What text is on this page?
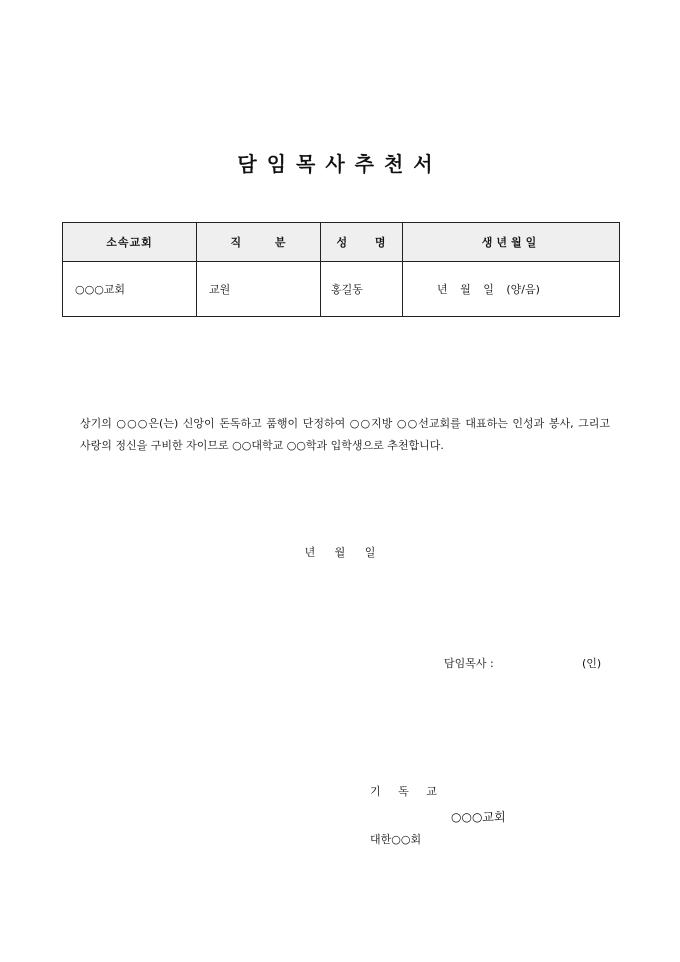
담임목사추천서
소속교회	직 분	성 명	생년월일
○○○교회	교원	홍길동	년 월 일 (양/음)
상기의 ○○○은(는) 신앙이 돈독하고 품행이 단정하여 ○○지방 ○○선교회를 대표하는 인성과 봉사, 그리고 사랑의 정신을 구비한 자이므로 ○○대학교 ○○학과 입학생으로 추천합니다.
년 월 일
담임목사 :	(인)
기 독 교
○○○교회
대한○○회
